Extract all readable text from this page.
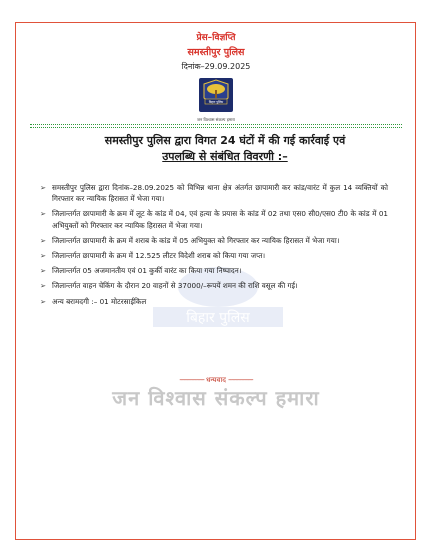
प्रेस–विज्ञप्ति
समस्तीपुर पुलिस
दिनांक–29.09.2025
बिहार पुलिस
जन विश्वास संकल्प हमारा
समस्तीपुर पुलिस द्वारा विगत 24 घंटों में की गई कार्रवाई एवं
उपलब्धि से संबंधित विवरणी :–
बिहार पुलिस
➢ समस्तीपुर पुलिस द्वारा दिनांक–28.09.2025 को विभिन्न थाना क्षेत्र अंतर्गत छापामारी कर कांड/वारंट में कुल 14 व्यक्तियों को गिरफ्तार कर न्यायिक हिरासत में भेजा गया।
➢ जिलान्तर्गत छापामारी के क्रम में लूट के कांड में 04, एवं हत्या के प्रयास के कांड में 02 तथा एस0 सी0/एस0 टी0 के कांड में 01 अभियुक्तों को गिरफ्तार कर न्यायिक हिरासत में भेजा गया।
➢ जिलान्तर्गत छापामारी के क्रम में शराब के कांड में 05 अभियुक्त को गिरफ्तार कर न्यायिक हिरासत में भेजा गया।
➢ जिलान्तर्गत छापामारी के क्रम में 12.525 लीटर विदेशी शराब को किया गया जप्त।
➢ जिलान्तर्गत 05 अजमानतीय एवं 01 कुर्की वारंट का किया गया निष्पादन।
➢ जिलान्तर्गत वाहन चेकिंग के दौरान 20 वाहनों से 37000/–रूपयें शमन की राशि वसूल की गई।
➢ अन्य बरामदगी :– 01 मोटरसाईकिल
---------------- धन्यवाद ----------------
जन विश्वास संकल्प हमारा
